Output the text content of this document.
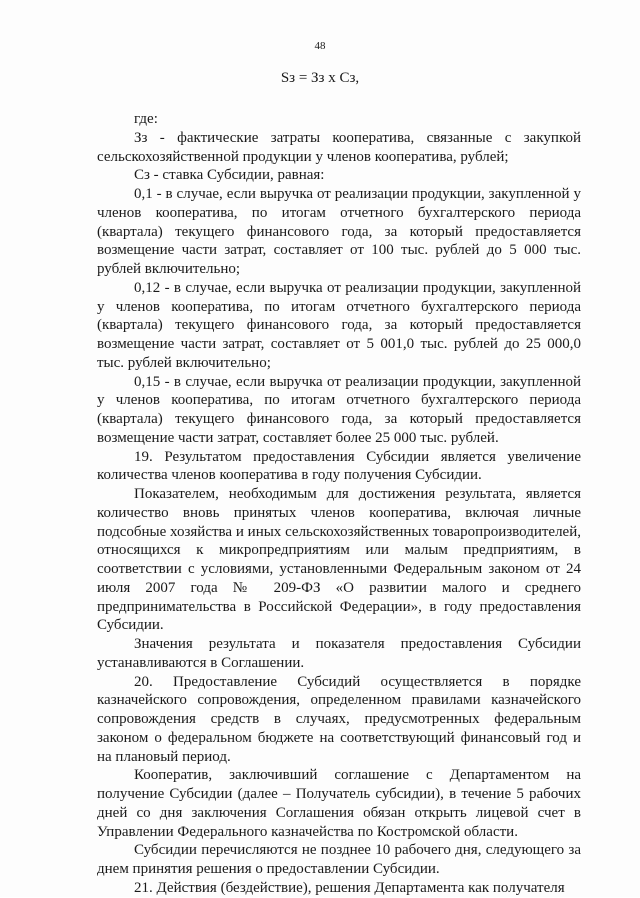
48
Sз = Зз х Сз,

где:

Зз - фактические затраты кооператива, связанные с закупкой сельскохозяйственной продукции у членов кооператива, рублей;

Сз - ставка Субсидии, равная:

0,1 - в случае, если выручка от реализации продукции, закупленной у членов кооператива, по итогам отчетного бухгалтерского периода (квартала) текущего финансового года, за который предоставляется возмещение части затрат, составляет от 100 тыс. рублей до 5 000 тыс. рублей включительно;

0,12 - в случае, если выручка от реализации продукции, закупленной у членов кооператива, по итогам отчетного бухгалтерского периода (квартала) текущего финансового года, за который предоставляется возмещение части затрат, составляет от 5 001,0 тыс. рублей до 25 000,0 тыс. рублей включительно;

0,15 - в случае, если выручка от реализации продукции, закупленной у членов кооператива, по итогам отчетного бухгалтерского периода (квартала) текущего финансового года, за который предоставляется возмещение части затрат, составляет более 25 000 тыс. рублей.

19. Результатом предоставления Субсидии является увеличение количества членов кооператива в году получения Субсидии.

Показателем, необходимым для достижения результата, является количество вновь принятых членов кооператива, включая личные подсобные хозяйства и иных сельскохозяйственных товаропроизводителей, относящихся к микропредприятиям или малым предприятиям, в соответствии с условиями, установленными Федеральным законом от 24 июля 2007 года № 209-ФЗ «О развитии малого и среднего предпринимательства в Российской Федерации», в году предоставления Субсидии.

Значения результата и показателя предоставления Субсидии устанавливаются в Соглашении.

20. Предоставление Субсидий осуществляется в порядке казначейского сопровождения, определенном правилами казначейского сопровождения средств в случаях, предусмотренных федеральным законом о федеральном бюджете на соответствующий финансовый год и на плановый период.

Кооператив, заключивший соглашение с Департаментом на получение Субсидии (далее – Получатель субсидии), в течение 5 рабочих дней со дня заключения Соглашения обязан открыть лицевой счет в Управлении Федерального казначейства по Костромской области.

Субсидии перечисляются не позднее 10 рабочего дня, следующего за днем принятия решения о предоставлении Субсидии.

21. Действия (бездействие), решения Департамента как получателя
